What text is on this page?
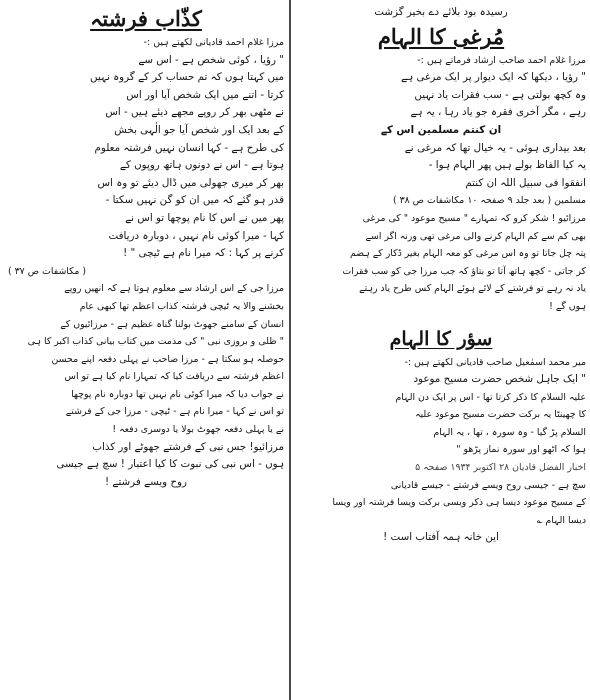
رسیدہ بود بلائے دے بخیر گزشت
مُرغی کا الہام
مرزا غلام احمد صاحب ارشاد فرماتے ہیں :-
" رؤیا ، دیکھا کہ ایک دیوار پر ایک مرغی ہے
وہ کچھ بولتی ہے - سب فقرات یاد نہیں
رہے ، مگر آخری فقرہ جو یاد رہا ، یہ ہے
ان کنتم مسلمین اس کے
بعد بیداری ہوئی - یہ خیال تھا کہ مرغی نے
یہ کیا الفاظ بولے ہیں پھر الہام ہوا -
انفقوا فی سبیل اللہ ان کنتم
مسلمین ( بعد جلد ۹ صفحہ ۱۰ مکاشفات ص ۳۸ )
مرزائیو ! شکر کرو کہ تمہارے " مسیح موعود " کی مرغی
بھی کم سے کم الہام کرنے والی مرغی تھی ورنہ اگر اسے
پتہ چل جاتا تو وہ اس مرغی کو معہ الہام بغیر ڈکار کے ہضم
کر جاتی - کچھ ہاتھ آتا تو بتاؤ کہ جب مرزا جی کو سب فقرات
یاد نہ رہے تو فرشتے کے لائے ہوئے الہام کس طرح یاد رہتے
ہوں گے !
سؤر کا الہام
میر محمد اسمٰعیل صاحب قادیانی لکھتے ہیں :-
" ایک جاہل شخص حضرت مسیح موعود
علیہ السلام کا ذکر کرتا تھا - اس پر ایک دن الہام
کا چھینٹا یہ برکت حضرت مسیح موعود علیہ
السلام پڑ گیا - وہ سورہ ، تھا ، یہ الہام
ہوا کہ اٹھو اور سورہ نماز پڑھو "
اخبار الفضل قادیان ۲۸ اکتوبر ۱۹۳۴ صفحہ ۵
سچ ہے - جیسی روح ویسے فرشتے - جیسے قادیانی
کے مسیح موعود دیسا ہی ذکر ویسی برکت ویسا فرشتہ اور ویسا
دیسا الہام ؎
این خانہ ہمہ آفتاب است !
کذّاب فرشتہ
مرزا غلام احمد قادیانی لکھتے ہیں :-
" رؤیا ، کوئی شخص ہے - اس سے
میں کہتا ہوں کہ تم حساب کر کے گروہ نہیں
کرتا - اتنے میں ایک شخص آیا اور اس
نے مٹھی بھر کر روپے مجھے دیئے ہیں - اس
کے بعد ایک اور شخص آیا جو الٰہی بخش
کی طرح ہے - کہا انسان نہیں فرشتہ معلوم
ہوتا ہے - اس نے دونوں ہاتھ روپوں کے
بھر کر میری جھولی میں ڈال دیئے تو وہ اس
قدر ہو گئے کہ میں ان کو گن نہیں سکتا -
پھر میں نے اس کا نام پوچھا تو اس نے
کہا - میرا کوئی نام نہیں ، دوبارہ دریافت
کرنے پر کہا : کہ میرا نام ہے ٹیچی " !
( مکاشفات ص ۳۷ )
مرزا جی کے اس ارشاد سے معلوم ہوتا ہے کہ انھیں روپے
بخشنے والا یہ ٹیچی فرشتہ کذاب اعظم تھا کبھی عام
انسان کے سامنے جھوٹ بولنا گناہ عظیم ہے - مرزائیوں کے
" ظلی و بروزی نبی " کی مذمت میں کتاب بیانی کذاب اکبر کا ہی
حوصلہ ہو سکتا ہے - مرزا صاحب نے پہلی دفعہ اپنے محسن
اعظم فرشتہ سے دریافت کیا کہ تمہارا نام کیا ہے تو اس
نے جواب دیا کہ میرا کوئی نام نہیں تھا دوبارہ نام پوچھا
تو اس نے کہا - میرا نام ہے - ٹیچی - مرزا جی کے فرشتے
نے یا پہلی دفعہ جھوٹ بولا یا دوسری دفعہ !
مرزائیو! جس نبی کے فرشتے جھوٹے اور کذاب
ہوں - اس نبی کی نبوت کا کیا اعتبار ! سچ ہے جیسی
روح ویسے فرشتے !
